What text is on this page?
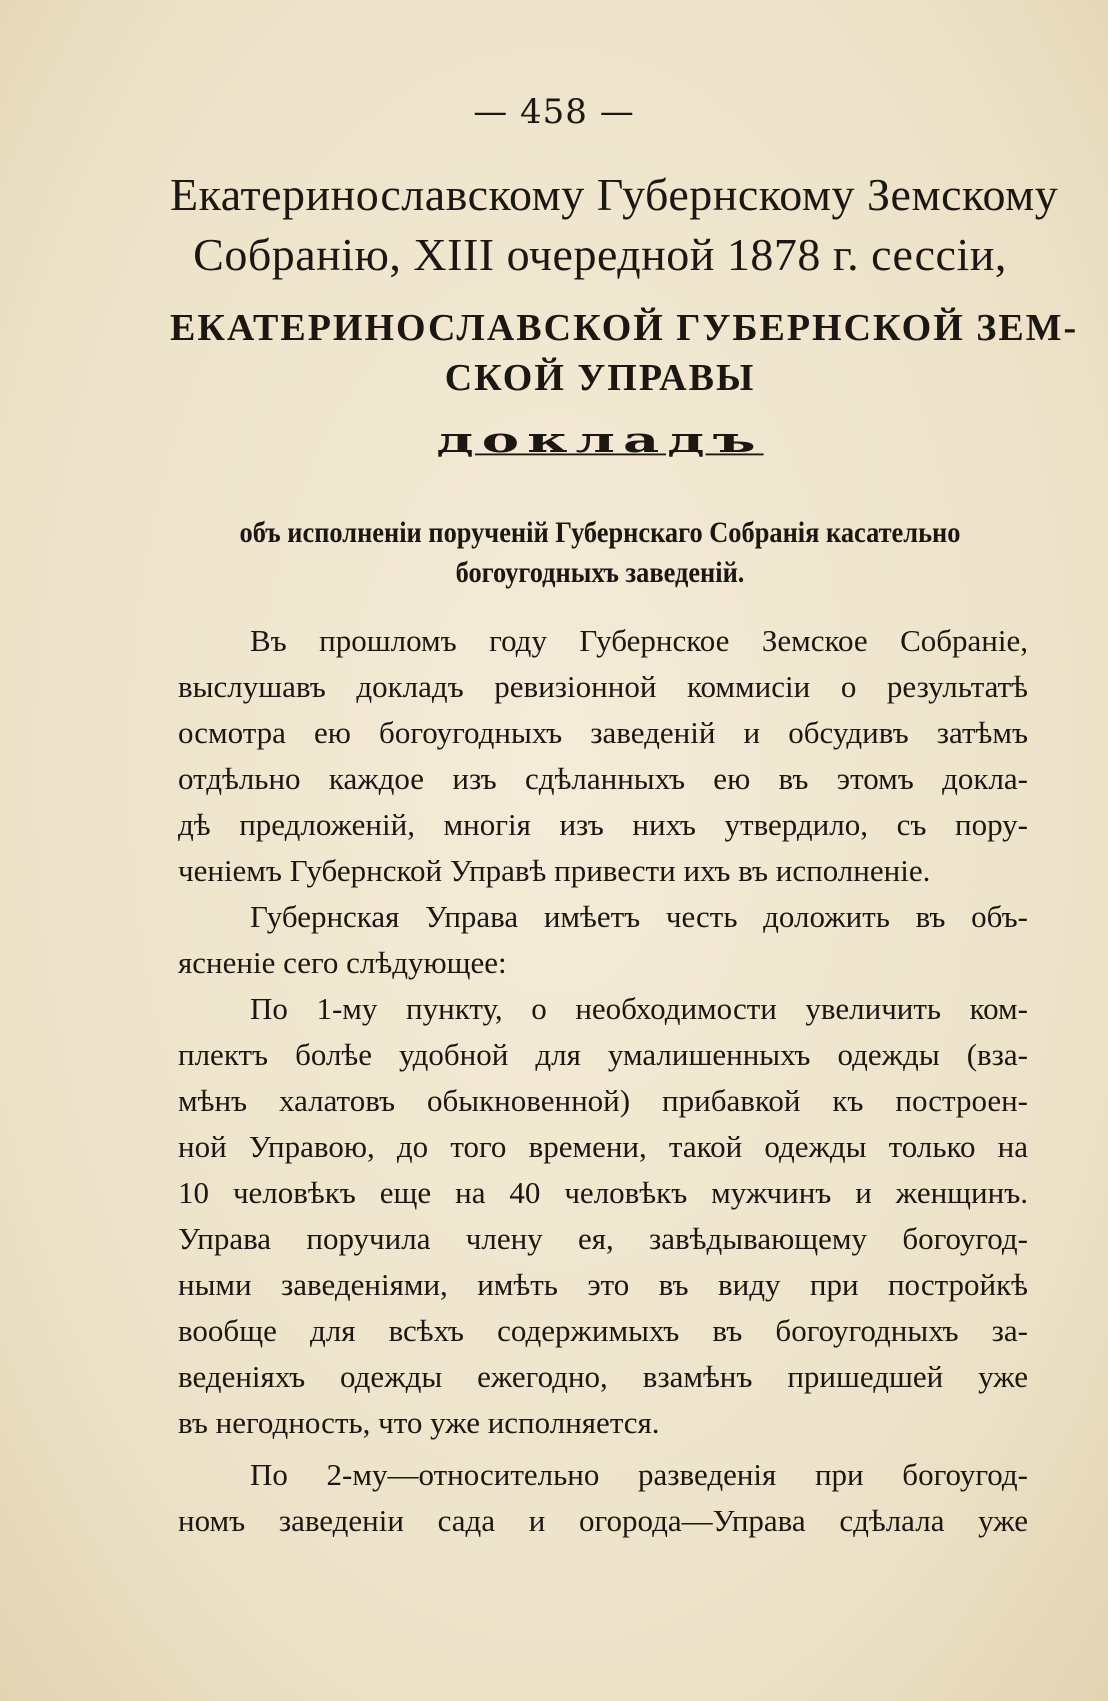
— 458 —
Екатеринославскому Губернскому Земскому
Собранію, XIII очередной 1878 г. сессіи,
ЕКАТЕРИНОСЛАВСКОЙ ГУБЕРНСКОЙ ЗЕМ-
СКОЙ УПРАВЫ
докладъ
объ исполненіи порученій Губернскаго Собранія касательно
богоугодныхъ заведеній.
Въ прошломъ году Губернское Земское Собраніе,
выслушавъ докладъ ревизіонной коммисіи о результатѣ
осмотра ею богоугодныхъ заведеній и обсудивъ затѣмъ
отдѣльно каждое изъ сдѣланныхъ ею въ этомъ докла-
дѣ предложеній, многія изъ нихъ утвердило, съ пору-
ченіемъ Губернской Управѣ привести ихъ въ исполненіе.
Губернская Управа имѣетъ честь доложить въ объ-
ясненіе сего слѣдующее:
По 1-му пункту, о необходимости увеличить ком-
плектъ болѣе удобной для умалишенныхъ одежды (вза-
мѣнъ халатовъ обыкновенной) прибавкой къ построен-
ной Управою, до того времени, такой одежды только на
10 человѣкъ еще на 40 человѣкъ мужчинъ и женщинъ.
Управа поручила члену ея, завѣдывающему богоугод-
ными заведеніями, имѣть это въ виду при постройкѣ
вообще для всѣхъ содержимыхъ въ богоугодныхъ за-
веденіяхъ одежды ежегодно, взамѣнъ пришедшей уже
въ негодность, что уже исполняется.
По 2-му—относительно разведенія при богоугод-
номъ заведеніи сада и огорода—Управа сдѣлала уже
